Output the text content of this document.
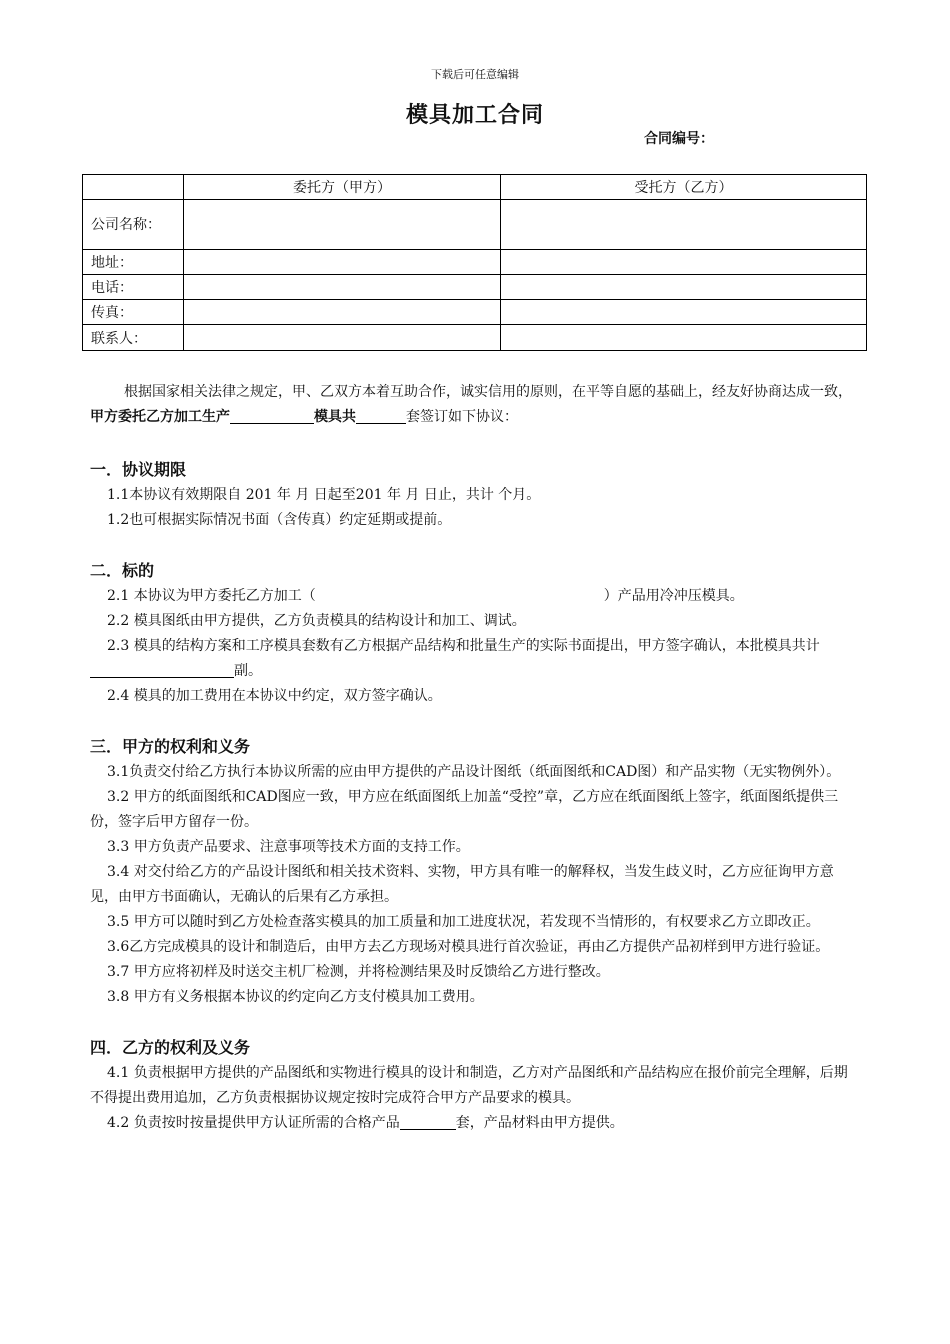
下载后可任意编辑
模具加工合同
合同编号：
	委托方（甲方）	受托方（乙方）
公司名称：		
地址：		
电话：		
传真：		
联系人：		

根据国家相关法律之规定，甲、乙双方本着互助合作，诚实信用的原则，在平等自愿的基础上，经友好协商达成一致，甲方委托乙方加工生产	模具共	套签订如下协议：

一．协议期限

1.1本协议有效期限自 201 年 月 日起至201 年 月 日止，共计 个月。

1.2也可根据实际情况书面（含传真）约定延期或提前。

二．标的

2.1 本协议为甲方委托乙方加工（	）产品用冷冲压模具。

2.2 模具图纸由甲方提供，乙方负责模具的结构设计和加工、调试。

2.3 模具的结构方案和工序模具套数有乙方根据产品结构和批量生产的实际书面提出，甲方签字确认，本批模具共计副。

2.4 模具的加工费用在本协议中约定，双方签字确认。

三．甲方的权利和义务

3.1负责交付给乙方执行本协议所需的应由甲方提供的产品设计图纸（纸面图纸和CAD图）和产品实物（无实物例外）。

3.2 甲方的纸面图纸和CAD图应一致，甲方应在纸面图纸上加盖“受控”章，乙方应在纸面图纸上签字，纸面图纸提供三份，签字后甲方留存一份。

3.3 甲方负责产品要求、注意事项等技术方面的支持工作。

3.4 对交付给乙方的产品设计图纸和相关技术资料、实物，甲方具有唯一的解释权，当发生歧义时，乙方应征询甲方意见，由甲方书面确认，无确认的后果有乙方承担。

3.5 甲方可以随时到乙方处检查落实模具的加工质量和加工进度状况，若发现不当情形的，有权要求乙方立即改正。

3.6乙方完成模具的设计和制造后，由甲方去乙方现场对模具进行首次验证，再由乙方提供产品初样到甲方进行验证。

3.7 甲方应将初样及时送交主机厂检测，并将检测结果及时反馈给乙方进行整改。

3.8 甲方有义务根据本协议的约定向乙方支付模具加工费用。

四．乙方的权利及义务

4.1 负责根据甲方提供的产品图纸和实物进行模具的设计和制造，乙方对产品图纸和产品结构应在报价前完全理解，后期不得提出费用追加，乙方负责根据协议规定按时完成符合甲方产品要求的模具。

4.2 负责按时按量提供甲方认证所需的合格产品	套，产品材料由甲方提供。
